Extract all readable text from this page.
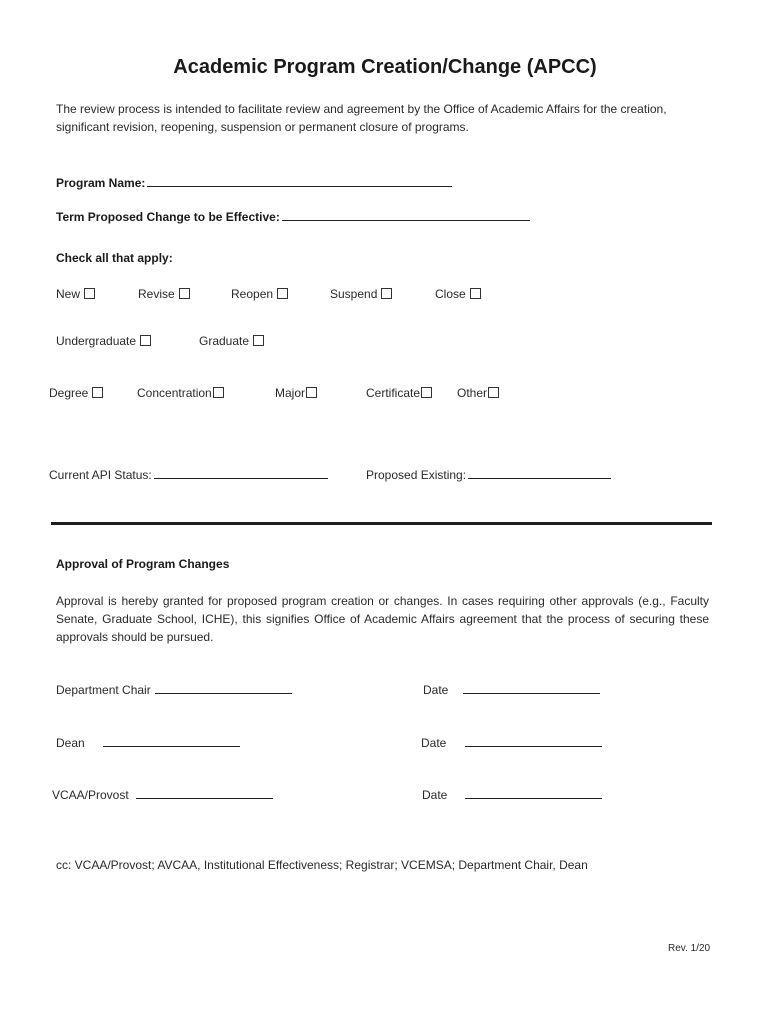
Academic Program Creation/Change (APCC)
The review process is intended to facilitate review and agreement by the Office of Academic Affairs for the creation, significant revision, reopening, suspension or permanent closure of programs.
Program Name:
Term Proposed Change to be Effective:
Check all that apply:
New	Revise	Reopen	Suspend	Close
Undergraduate	Graduate
Degree	Concentration	Major	Certificate	Other
Current API Status:	Proposed Existing:
Approval of Program Changes
Approval is hereby granted for proposed program creation or changes. In cases requiring other approvals (e.g., Faculty Senate, Graduate School, ICHE), this signifies Office of Academic Affairs agreement that the process of securing these approvals should be pursued.
Department Chair	Date
Dean	Date
VCAA/Provost	Date
cc: VCAA/Provost; AVCAA, Institutional Effectiveness; Registrar; VCEMSA; Department Chair, Dean
Rev. 1/20
